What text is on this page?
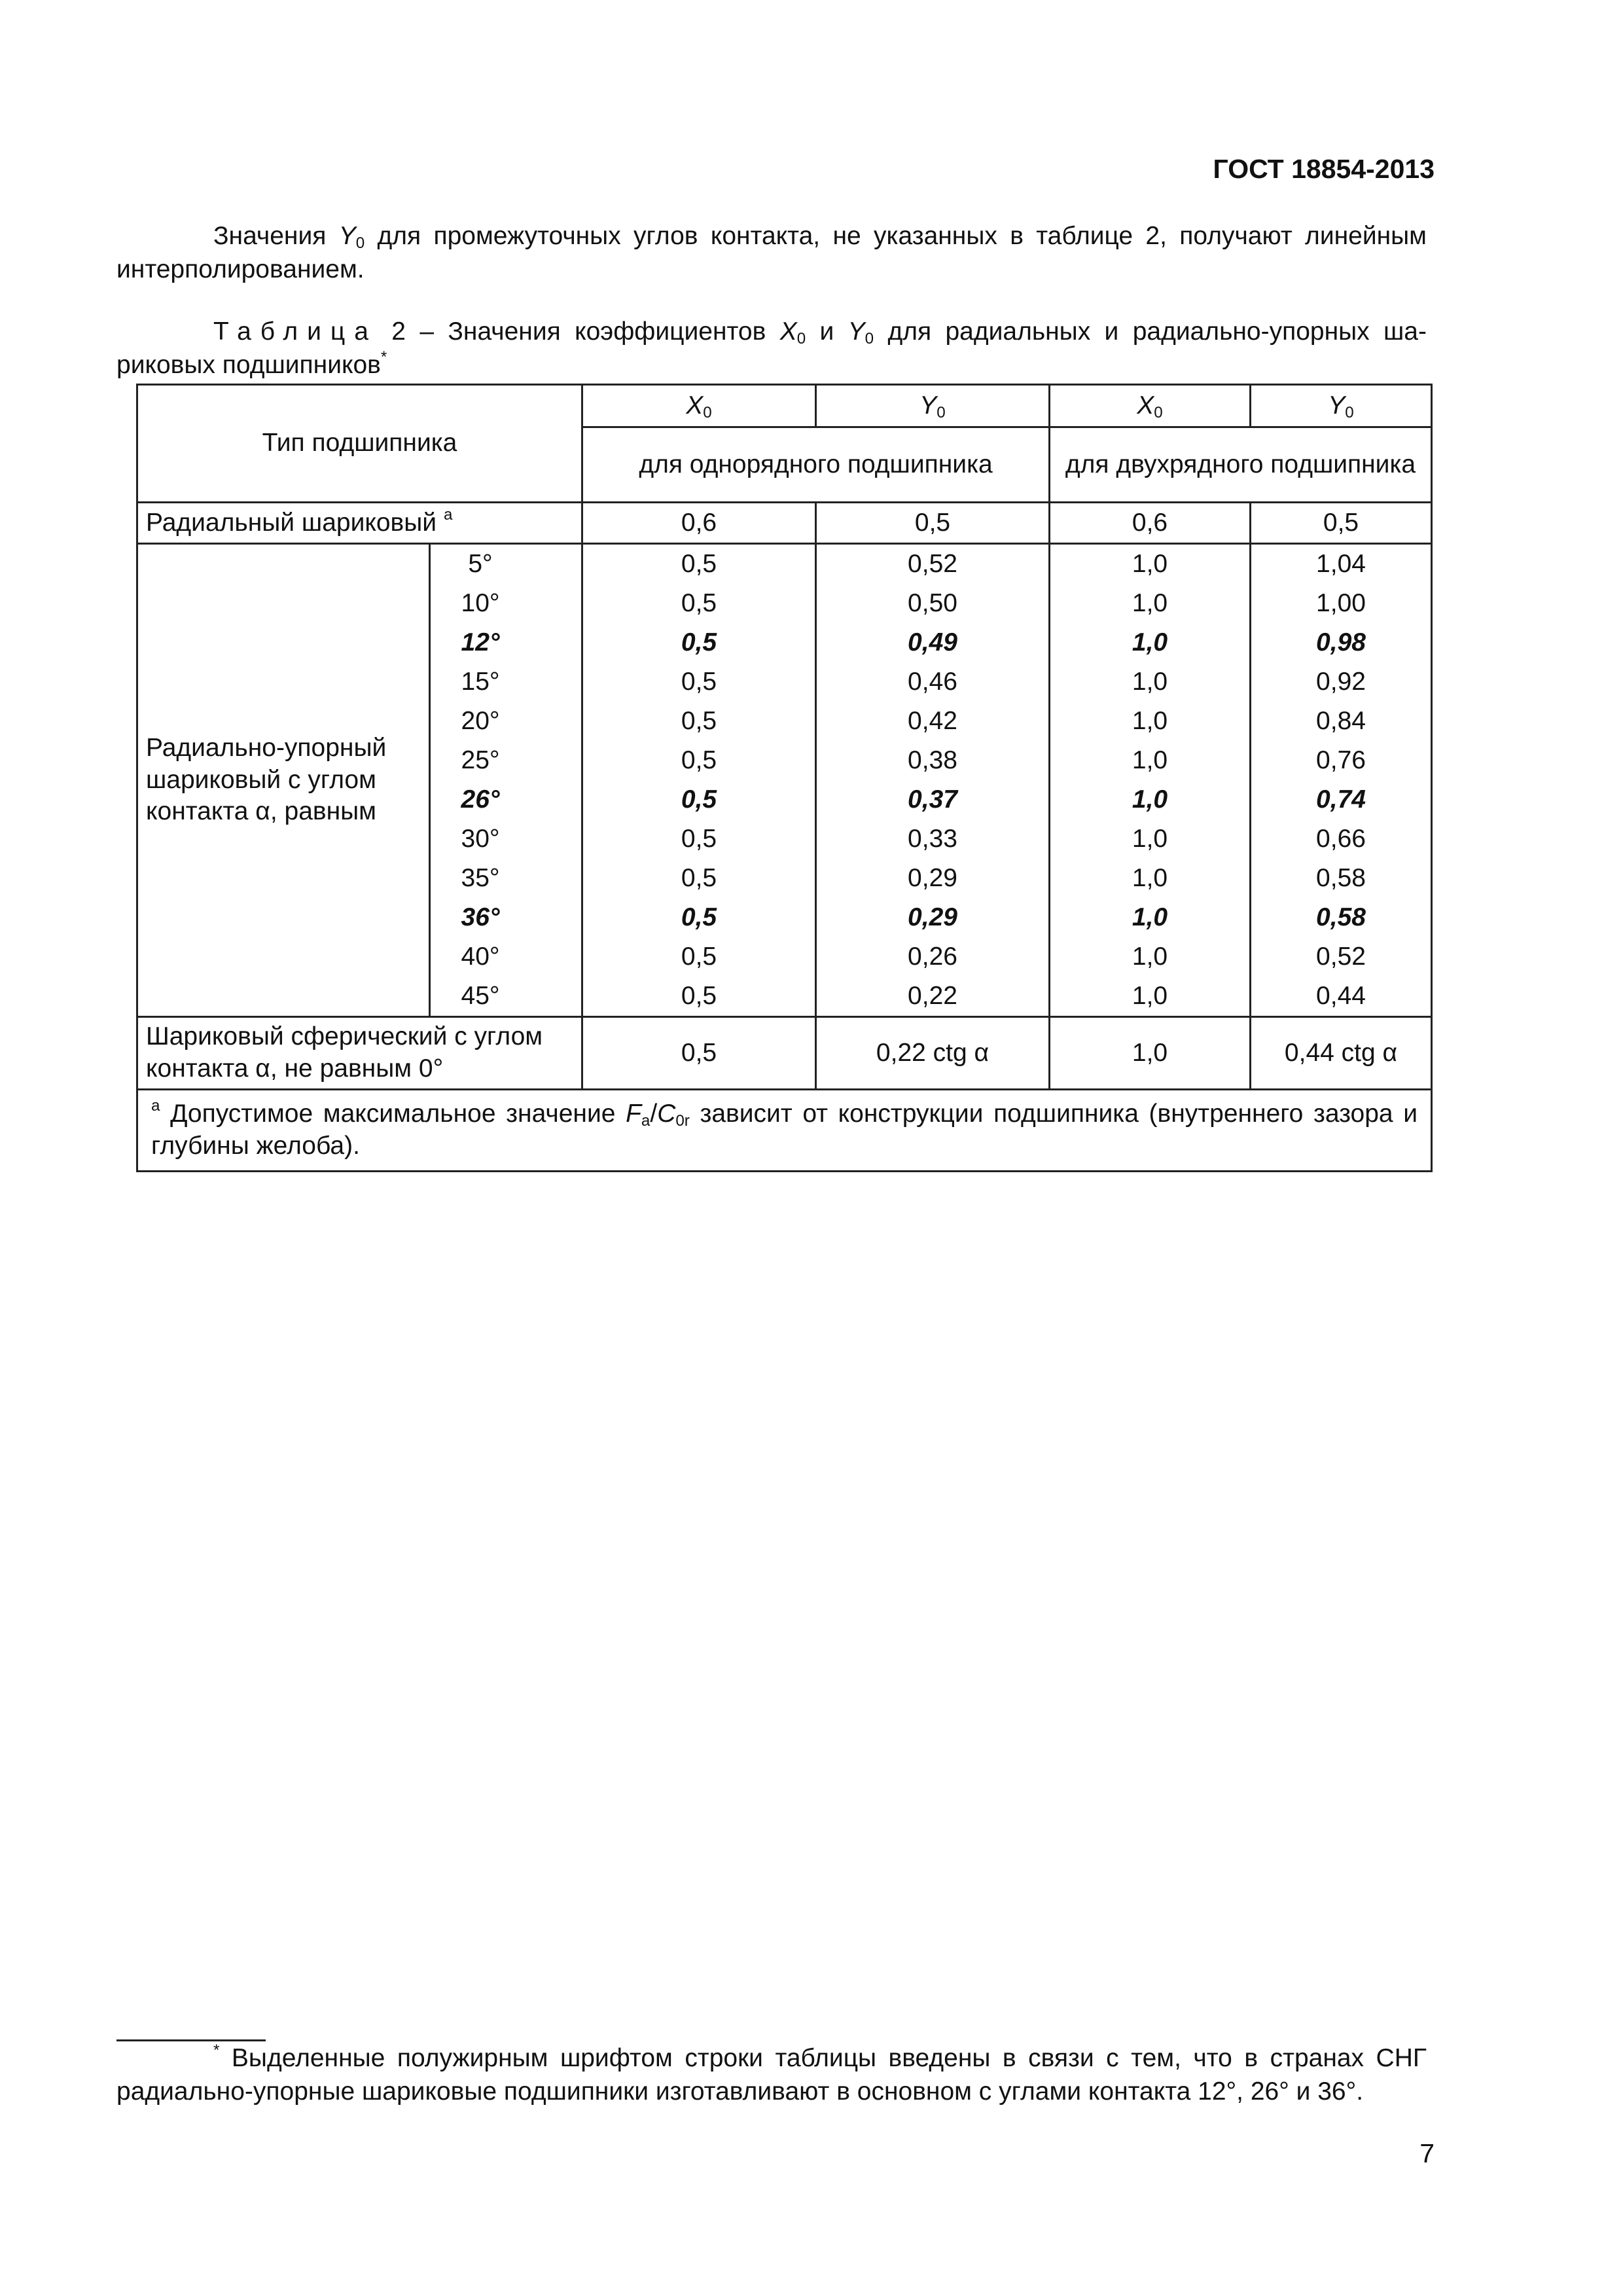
ГОСТ 18854-2013

Значения $Y_0$ для промежуточных углов контакта, не указанных в таблице 2, получают линейным интерполированием.

Таблица 2 – Значения коэффициентов $X_0$ и $Y_0$ для радиальных и радиально-упорных шариковых подшипников*

Тип подшипника		$X_0$	$Y_0$	$X_0$	$Y_0$
		для однорядного подшипника		для двухрядного подшипника	
Радиальный шариковый $^а$		0,6	0,5	0,6	0,5
Радиально-упорный шариковый с углом контакта α, равным	5°	0,5	0,52	1,0	1,04
	10°	0,5	0,50	1,0	1,00
	12°	0,5	0,49	1,0	0,98
	15°	0,5	0,46	1,0	0,92
	20°	0,5	0,42	1,0	0,84
	25°	0,5	0,38	1,0	0,76
	26°	0,5	0,37	1,0	0,74
	30°	0,5	0,33	1,0	0,66
	35°	0,5	0,29	1,0	0,58
	36°	0,5	0,29	1,0	0,58
	40°	0,5	0,26	1,0	0,52
	45°	0,5	0,22	1,0	0,44
Шариковый сферический с углом контакта α, не равным 0°		0,5	0,22 ctg α	1,0	0,44 ctg α
$^а$ Допустимое максимальное значение $F_a/C_{0r}$ зависит от конструкции подшипника (внутреннего зазора и глубины желоба).					

* Выделенные полужирным шрифтом строки таблицы введены в связи с тем, что в странах СНГ радиально-упорные шариковые подшипники изготавливают в основном с углами контакта 12°, 26° и 36°.

7
